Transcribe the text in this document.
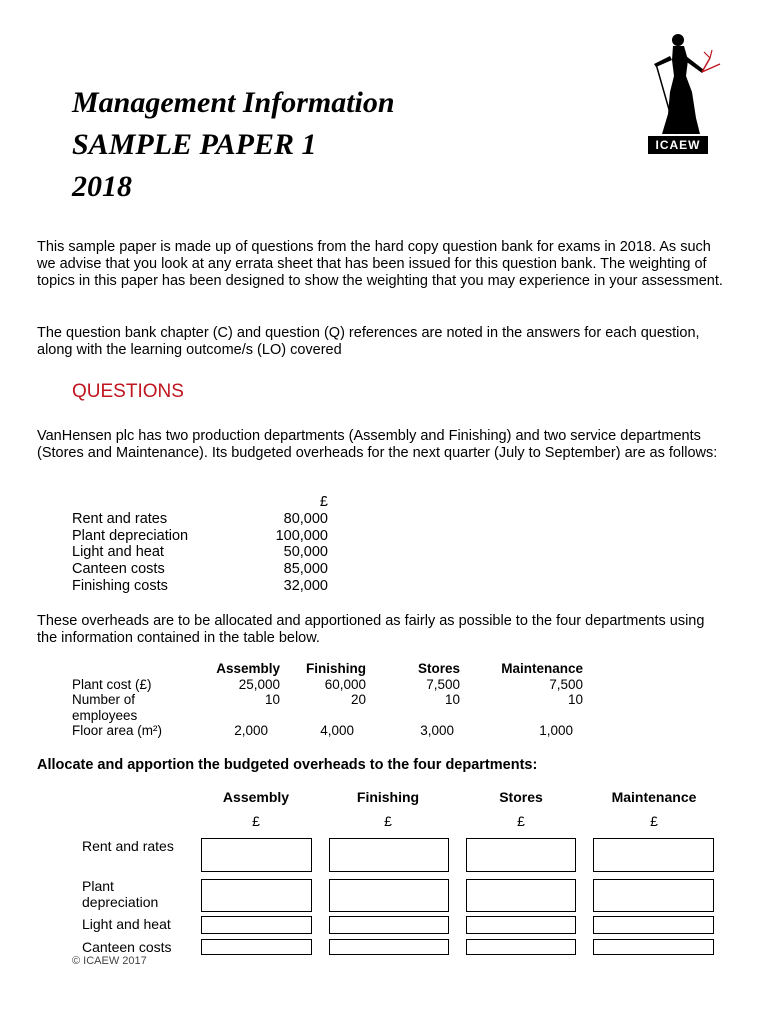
Management Information
SAMPLE PAPER 1
2018
ICAEW
This sample paper is made up of questions from the hard copy question bank for exams in 2018. As such we advise that you look at any errata sheet that has been issued for this question bank. The weighting of topics in this paper has been designed to show the weighting that you may experience in your assessment.
The question bank chapter (C) and question (Q) references are noted in the answers for each question, along with the learning outcome/s (LO) covered
QUESTIONS
VanHensen plc has two production departments (Assembly and Finishing) and two service departments (Stores and Maintenance). Its budgeted overheads for the next quarter (July to September) are as follows:
£
Rent and rates	80,000
Plant depreciation	100,000
Light and heat	50,000
Canteen costs	85,000
Finishing costs	32,000
These overheads are to be allocated and apportioned as fairly as possible to the four departments using the information contained in the table below.
Assembly	Finishing	Stores	Maintenance
Plant cost (£)	25,000	60,000	7,500	7,500
Number of	10	20	10	10
employees
Floor area (m²)	2,000	4,000	3,000	1,000
Allocate and apportion the budgeted overheads to the four departments:
Assembly	Finishing	Stores	Maintenance
£	£	£	£
Rent and rates
Plant depreciation
Light and heat
Canteen costs
© ICAEW 2017
